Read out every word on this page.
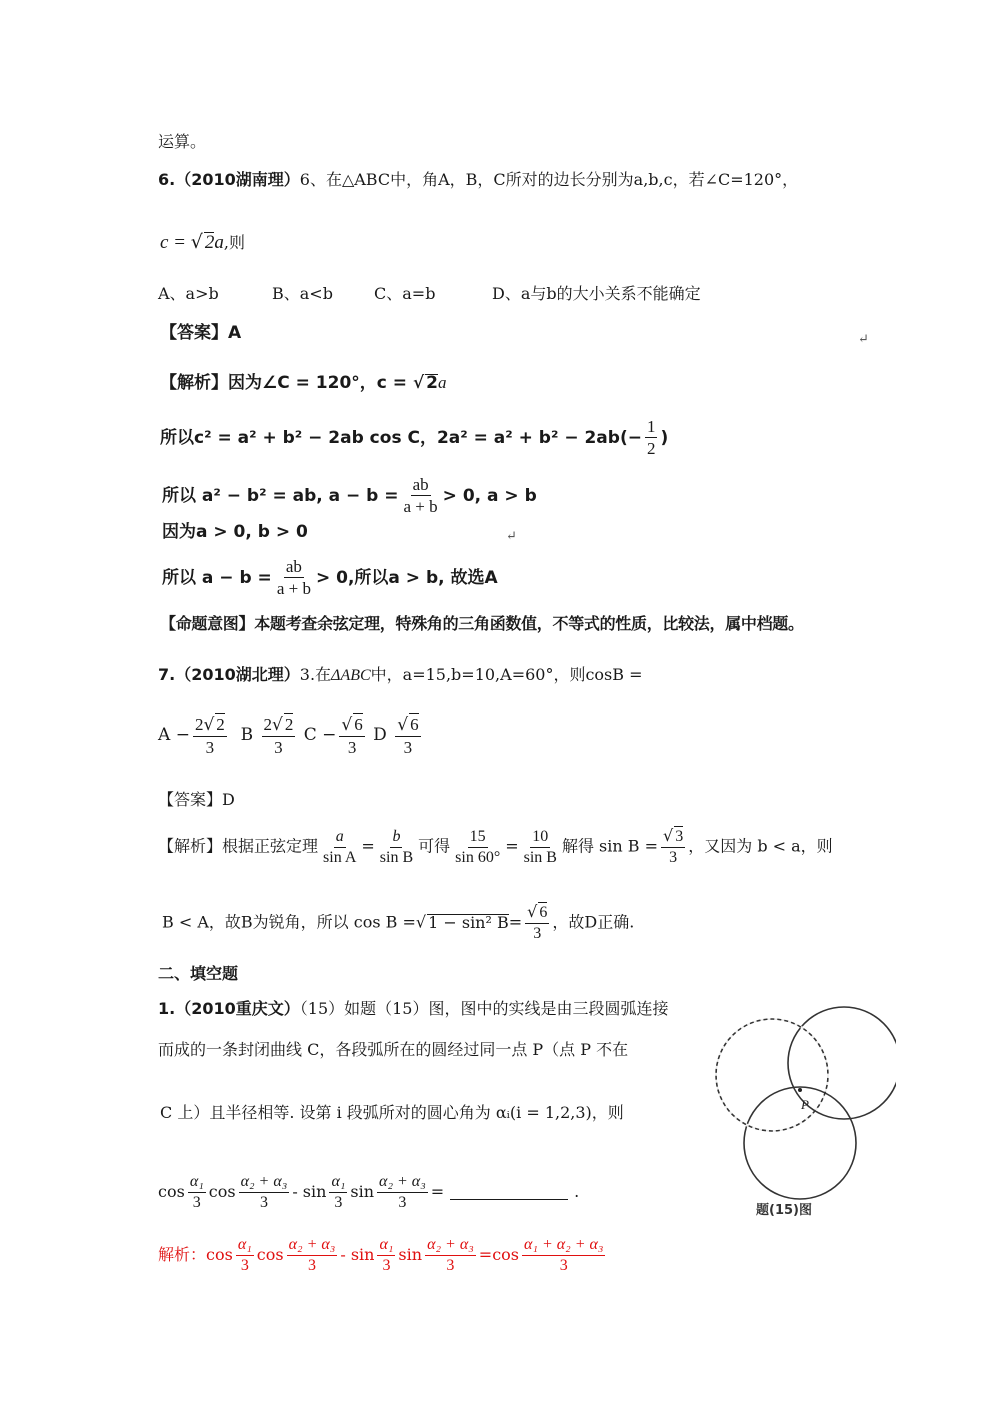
运算。
6.（2010湖南理）6、在△ABC中，角A，B，C所对的边长分别为a,b,c，若∠C=120°，
c = √ 2a,则
A、a>b	B、a<b	C、a=b	D、a与b的大小关系不能确定
【答案】A	↵
【解析】因为∠C = 120°，c = √ 2a
所以c² = a² + b² − 2ab cos C，$2a^2 = a^2 + b^2 - 2ab(- \frac{1}{2}$ )
所以 a² − b² = ab, $a - b = \frac{ab}{a + b} > 0$, a > b
因为a > 0, b > 0	↵
所以 $a - b = \frac{ab}{a + b} > 0$,所以a > b, 故选A
【命题意图】本题考查余弦定理，特殊角的三角函数值，不等式的性质，比较法，属中档题。
7.（2010湖北理）3.在ΔABC中，a=15,b=10,A=60°，则cosB =
$A - \frac{2√ 2}{3}$ B $\frac{2√ 2}{3}$ $C - \frac{√ 6}{3}$ D $\frac{√ 6}{3}$
【答案】D
【解析】根据正弦定理 $\frac{a}{\text{sin A}} = \frac{b}{\text{sin B}}$ 可得 $\frac{15}{\sin 60^\circ} = \frac{10}{\text{sin B}}$ 解得 $\sin B = \frac{√ 3}{3}$ ，又因为 b < a，则
B < A，故B为锐角，所以 cos B =√ 1 − sin² $B= \frac{√ 6}{3}$ ，故D正确.
二、填空题
1.（2010重庆文）（15）如题（15）图，图中的实线是由三段圆弧连接
而成的一条封闭曲线 C，各段弧所在的圆经过同一点 P（点 P 不在
C 上）且半径相等. 设第 i 段弧所对的圆心角为 αᵢ(i = 1,2,3)，则
$\cos \frac{\text{α₁}}{3}$ $\cos \frac{\text{α₂ + α₃}}{3}$ - $\sin \frac{\text{α₁}}{3}$ $\sin \frac{\text{α₂ + α₃}}{3}$ =	.
解析：$\cos \frac{\text{α₁}}{3}$ $\cos \frac{\text{α₂ + α₃}}{3}$ - $\sin \frac{\text{α₁}}{3}$ $\sin \frac{\text{α₂ + α₃}}{3} =\cos \frac{\text{α₁ + α₂ + α₃}}{3}$
P
题(15)图
